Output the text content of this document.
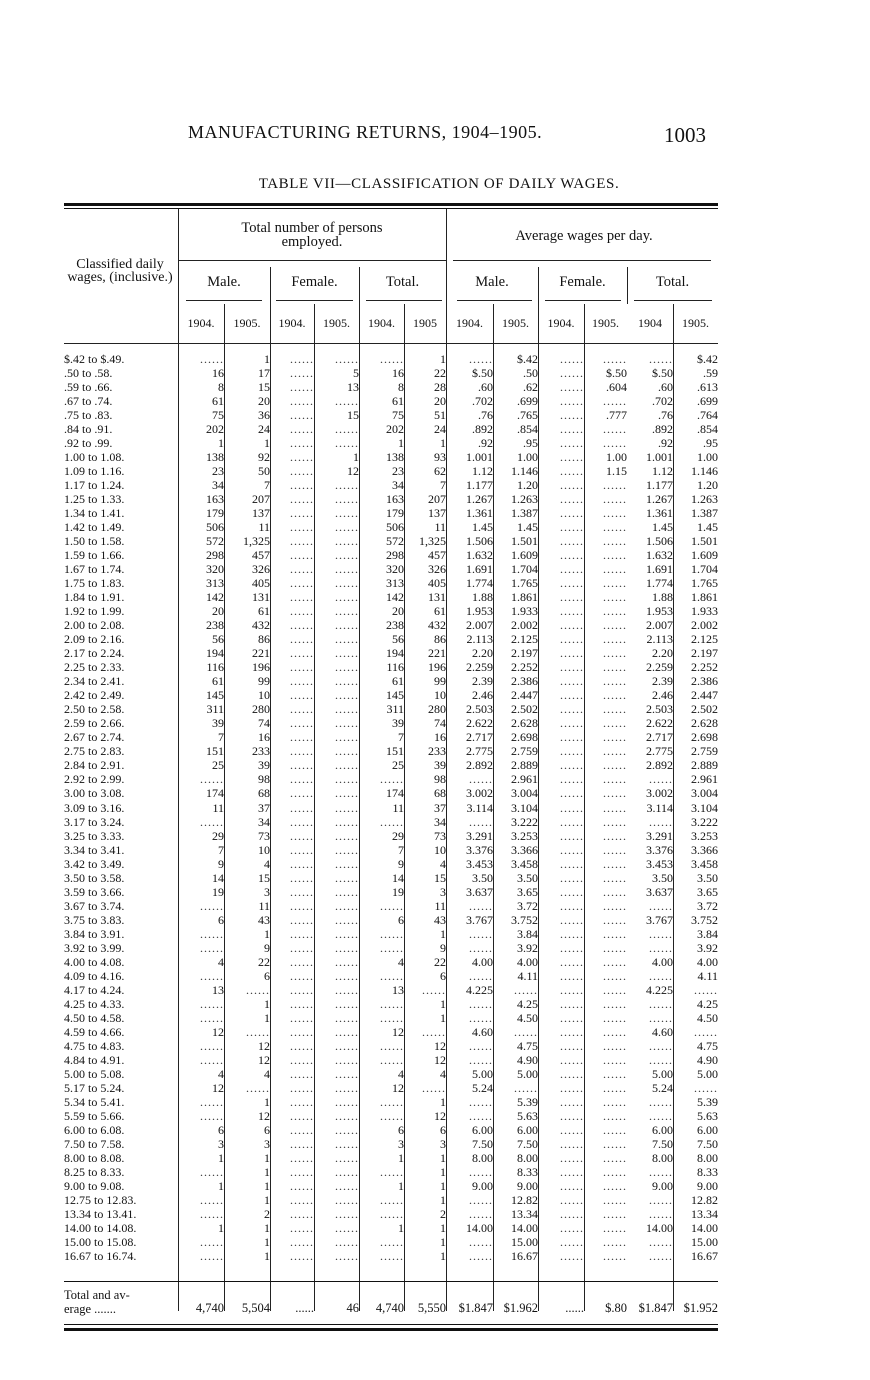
MANUFACTURING RETURNS, 1904–1905.	1003
TABLE VII—CLASSIFICATION OF DAILY WAGES.
Classified daily wages, (inclusive.)
Total number of persons employed.	Average wages per day.
Male.	Female.	Total.	Male.	Female.	Total.
1904.	1905.	1904.	1905.	1904.	1905	1904.	1905.	1904.	1905.	1904	1905.
$.42 to $.49.	......	1	......	......	......	1	......	$.42	......	......	......	$.42
.50 to .58.	16	17	......	5	16	22	$.50	.50	......	$.50	$.50	.59
.59 to .66.	8	15	......	13	8	28	.60	.62	......	.604	.60	.613
.67 to .74.	61	20	......	......	61	20	.702	.699	......	......	.702	.699
.75 to .83.	75	36	......	15	75	51	.76	.765	......	.777	.76	.764
.84 to .91.	202	24	......	......	202	24	.892	.854	......	......	.892	.854
.92 to .99.	1	1	......	......	1	1	.92	.95	......	......	.92	.95
1.00 to 1.08.	138	92	......	1	138	93	1.001	1.00	......	1.00	1.001	1.00
1.09 to 1.16.	23	50	......	12	23	62	1.12	1.146	......	1.15	1.12	1.146
1.17 to 1.24.	34	7	......	......	34	7	1.177	1.20	......	......	1.177	1.20
1.25 to 1.33.	163	207	......	......	163	207	1.267	1.263	......	......	1.267	1.263
1.34 to 1.41.	179	137	......	......	179	137	1.361	1.387	......	......	1.361	1.387
1.42 to 1.49.	506	11	......	......	506	11	1.45	1.45	......	......	1.45	1.45
1.50 to 1.58.	572	1,325	......	......	572	1,325	1.506	1.501	......	......	1.506	1.501
1.59 to 1.66.	298	457	......	......	298	457	1.632	1.609	......	......	1.632	1.609
1.67 to 1.74.	320	326	......	......	320	326	1.691	1.704	......	......	1.691	1.704
1.75 to 1.83.	313	405	......	......	313	405	1.774	1.765	......	......	1.774	1.765
1.84 to 1.91.	142	131	......	......	142	131	1.88	1.861	......	......	1.88	1.861
1.92 to 1.99.	20	61	......	......	20	61	1.953	1.933	......	......	1.953	1.933
2.00 to 2.08.	238	432	......	......	238	432	2.007	2.002	......	......	2.007	2.002
2.09 to 2.16.	56	86	......	......	56	86	2.113	2.125	......	......	2.113	2.125
2.17 to 2.24.	194	221	......	......	194	221	2.20	2.197	......	......	2.20	2.197
2.25 to 2.33.	116	196	......	......	116	196	2.259	2.252	......	......	2.259	2.252
2.34 to 2.41.	61	99	......	......	61	99	2.39	2.386	......	......	2.39	2.386
2.42 to 2.49.	145	10	......	......	145	10	2.46	2.447	......	......	2.46	2.447
2.50 to 2.58.	311	280	......	......	311	280	2.503	2.502	......	......	2.503	2.502
2.59 to 2.66.	39	74	......	......	39	74	2.622	2.628	......	......	2.622	2.628
2.67 to 2.74.	7	16	......	......	7	16	2.717	2.698	......	......	2.717	2.698
2.75 to 2.83.	151	233	......	......	151	233	2.775	2.759	......	......	2.775	2.759
2.84 to 2.91.	25	39	......	......	25	39	2.892	2.889	......	......	2.892	2.889
2.92 to 2.99.	......	98	......	......	......	98	......	2.961	......	......	......	2.961
3.00 to 3.08.	174	68	......	......	174	68	3.002	3.004	......	......	3.002	3.004
3.09 to 3.16.	11	37	......	......	11	37	3.114	3.104	......	......	3.114	3.104
3.17 to 3.24.	......	34	......	......	......	34	......	3.222	......	......	......	3.222
3.25 to 3.33.	29	73	......	......	29	73	3.291	3.253	......	......	3.291	3.253
3.34 to 3.41.	7	10	......	......	7	10	3.376	3.366	......	......	3.376	3.366
3.42 to 3.49.	9	4	......	......	9	4	3.453	3.458	......	......	3.453	3.458
3.50 to 3.58.	14	15	......	......	14	15	3.50	3.50	......	......	3.50	3.50
3.59 to 3.66.	19	3	......	......	19	3	3.637	3.65	......	......	3.637	3.65
3.67 to 3.74.	......	11	......	......	......	11	......	3.72	......	......	......	3.72
3.75 to 3.83.	6	43	......	......	6	43	3.767	3.752	......	......	3.767	3.752
3.84 to 3.91.	......	1	......	......	......	1	......	3.84	......	......	......	3.84
3.92 to 3.99.	......	9	......	......	......	9	......	3.92	......	......	......	3.92
4.00 to 4.08.	4	22	......	......	4	22	4.00	4.00	......	......	4.00	4.00
4.09 to 4.16.	......	6	......	......	......	6	......	4.11	......	......	......	4.11
4.17 to 4.24.	13	......	......	......	13	......	4.225	......	......	......	4.225	......
4.25 to 4.33.	......	1	......	......	......	1	......	4.25	......	......	......	4.25
4.50 to 4.58.	......	1	......	......	......	1	......	4.50	......	......	......	4.50
4.59 to 4.66.	12	......	......	......	12	......	4.60	......	......	......	4.60	......
4.75 to 4.83.	......	12	......	......	......	12	......	4.75	......	......	......	4.75
4.84 to 4.91.	......	12	......	......	......	12	......	4.90	......	......	......	4.90
5.00 to 5.08.	4	4	......	......	4	4	5.00	5.00	......	......	5.00	5.00
5.17 to 5.24.	12	......	......	......	12	......	5.24	......	......	......	5.24	......
5.34 to 5.41.	......	1	......	......	......	1	......	5.39	......	......	......	5.39
5.59 to 5.66.	......	12	......	......	......	12	......	5.63	......	......	......	5.63
6.00 to 6.08.	6	6	......	......	6	6	6.00	6.00	......	......	6.00	6.00
7.50 to 7.58.	3	3	......	......	3	3	7.50	7.50	......	......	7.50	7.50
8.00 to 8.08.	1	1	......	......	1	1	8.00	8.00	......	......	8.00	8.00
8.25 to 8.33.	......	1	......	......	......	1	......	8.33	......	......	......	8.33
9.00 to 9.08.	1	1	......	......	1	1	9.00	9.00	......	......	9.00	9.00
12.75 to 12.83.	......	1	......	......	......	1	......	12.82	......	......	......	12.82
13.34 to 13.41.	......	2	......	......	......	2	......	13.34	......	......	......	13.34
14.00 to 14.08.	1	1	......	......	1	1	14.00	14.00	......	......	14.00	14.00
15.00 to 15.08.	......	1	......	......	......	1	......	15.00	......	......	......	15.00
16.67 to 16.74.	......	1	......	......	......	1	......	16.67	......	......	......	16.67
Total and av-
erage .......	4,740	5,504	......	46	4,740	5,550	$1.847	$1.962	......	$.80	$1.847	$1.952
